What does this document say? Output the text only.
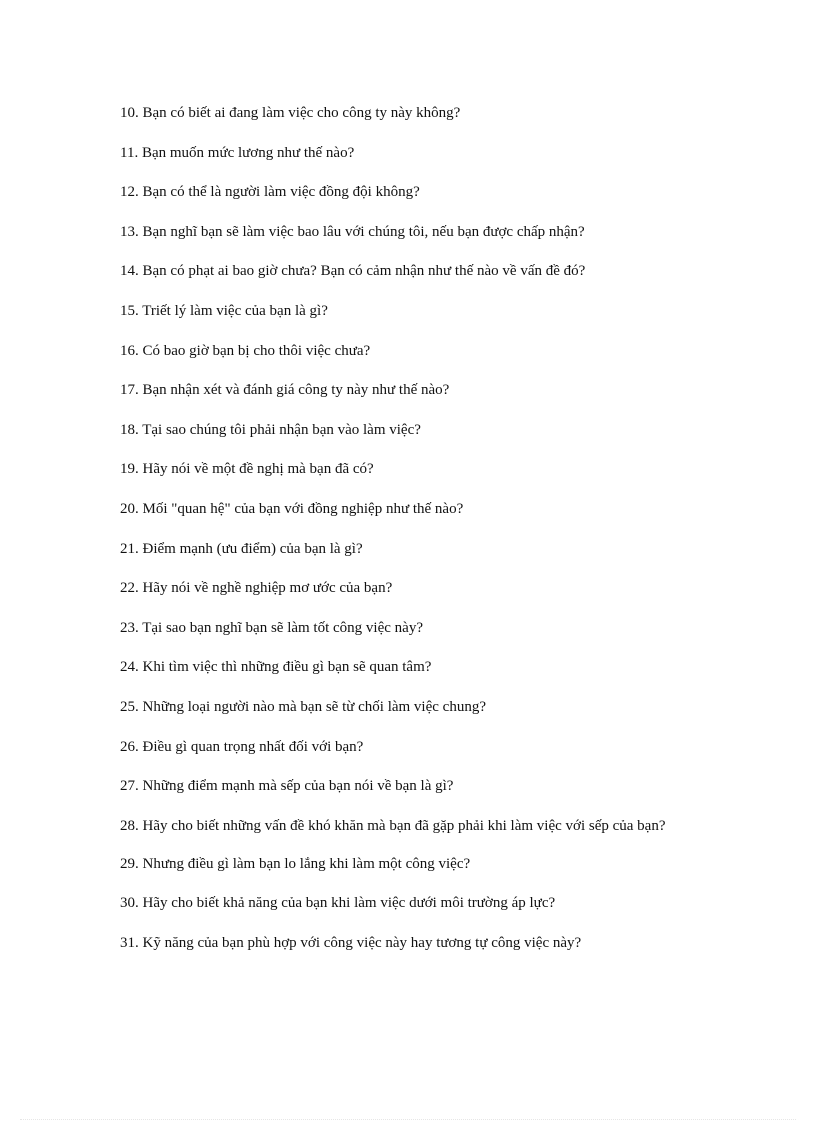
10. Bạn có biết ai đang làm việc cho công ty này không?
11. Bạn muốn mức lương như thế nào?
12. Bạn có thể là người làm việc đồng đội không?
13. Bạn nghĩ bạn sẽ làm việc bao lâu với chúng tôi, nếu bạn được chấp nhận?
14. Bạn có phạt ai bao giờ chưa? Bạn có cảm nhận như thế nào về vấn đề đó?
15. Triết lý làm việc của bạn là gì?
16. Có bao giờ bạn bị cho thôi việc chưa?
17. Bạn nhận xét và đánh giá công ty này như thế nào?
18. Tại sao chúng tôi phải nhận bạn vào làm việc?
19. Hãy nói về một đề nghị mà bạn đã có?
20. Mối "quan hệ" của bạn với đồng nghiệp như thế nào?
21. Điểm mạnh (ưu điểm) của bạn là gì?
22. Hãy nói về nghề nghiệp mơ ước của bạn?
23. Tại sao bạn nghĩ bạn sẽ làm tốt công việc này?
24. Khi tìm việc thì những điều gì bạn sẽ quan tâm?
25. Những loại người nào mà bạn sẽ từ chối làm việc chung?
26. Điều gì quan trọng nhất đối với bạn?
27. Những điểm mạnh mà sếp của bạn nói về bạn là gì?
28. Hãy cho biết những vấn đề khó khăn mà bạn đã gặp phải khi làm việc với sếp của bạn?
29. Nhưng điều gì làm bạn lo lắng khi làm một công việc?
30. Hãy cho biết khả năng của bạn khi làm việc dưới môi trường áp lực?
31. Kỹ năng của bạn phù hợp với công việc này hay tương tự công việc này?
